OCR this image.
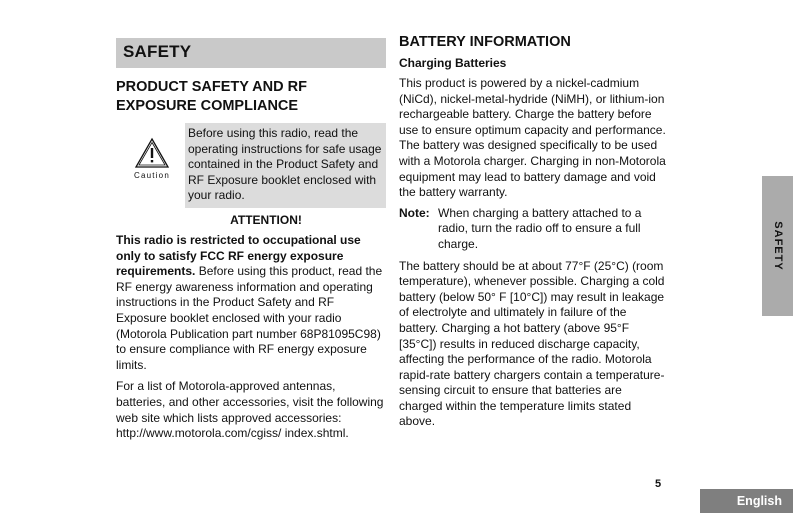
SAFETY
PRODUCT SAFETY AND RF EXPOSURE COMPLIANCE
Caution
Before using this radio, read the operating instructions for safe usage contained in the Product Safety and RF Exposure booklet enclosed with your radio.
ATTENTION!
This radio is restricted to occupational use only to satisfy FCC RF energy exposure requirements. Before using this product, read the RF energy awareness information and operating instructions in the Product Safety and RF Exposure booklet enclosed with your radio (Motorola Publication part number 68P81095C98) to ensure compliance with RF energy exposure limits.
For a list of Motorola-approved antennas, batteries, and other accessories, visit the following web site which lists approved accessories: http://www.motorola.com/cgiss/ index.shtml.
BATTERY INFORMATION
Charging Batteries
This product is powered by a nickel-cadmium (NiCd), nickel-metal-hydride (NiMH), or lithium-ion rechargeable battery. Charge the battery before use to ensure optimum capacity and performance. The battery was designed specifically to be used with a Motorola charger. Charging in non-Motorola equipment may lead to battery damage and void the battery warranty.
Note: When charging a battery attached to a radio, turn the radio off to ensure a full charge.
The battery should be at about 77°F (25°C) (room temperature), whenever possible. Charging a cold battery (below 50° F [10°C]) may result in leakage of electrolyte and ultimately in failure of the battery. Charging a hot battery (above 95°F [35°C]) results in reduced discharge capacity, affecting the performance of the radio. Motorola rapid-rate battery chargers contain a temperature-sensing circuit to ensure that batteries are charged within the temperature limits stated above.
SAFETY
5
English
